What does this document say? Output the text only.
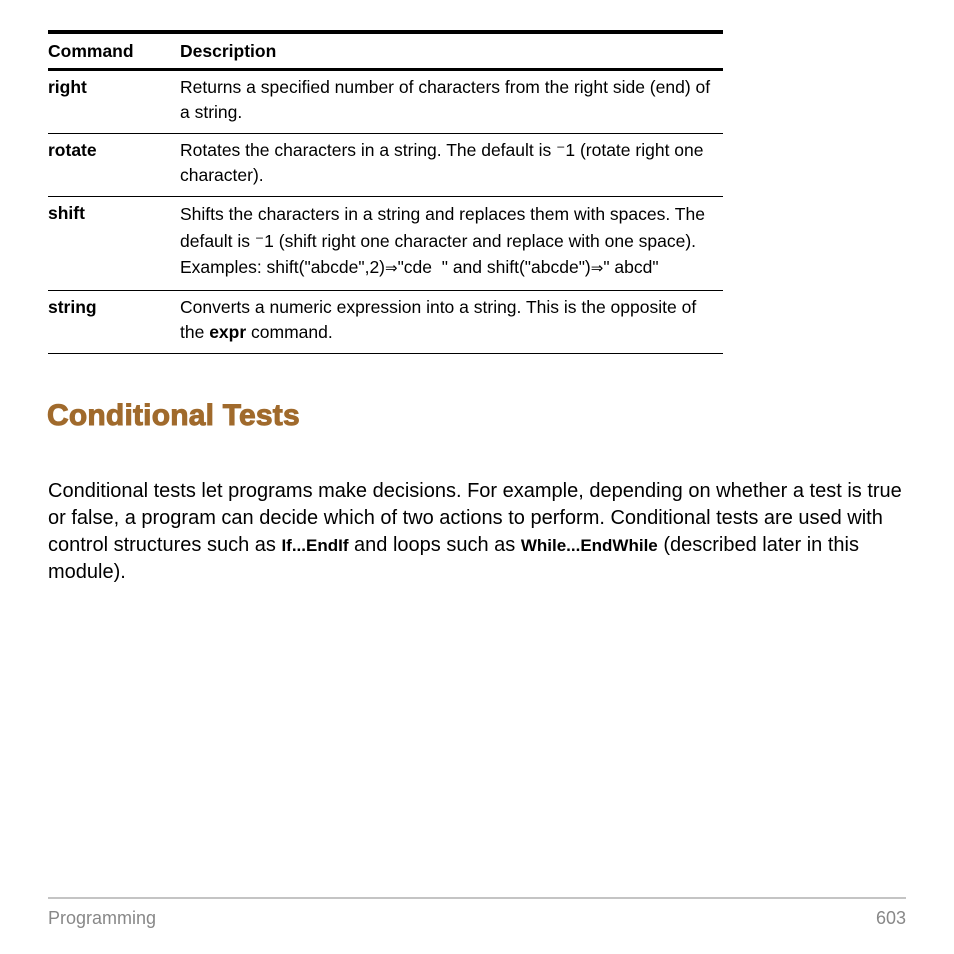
Command	Description
right	Returns a specified number of characters from the right side (end) of a string.
rotate	Rotates the characters in a string. The default is ⁻1 (rotate right one character).
shift	Shifts the characters in a string and replaces them with spaces. The default is ⁻1 (shift right one character and replace with one space). Examples: shift("abcde",2)⇒"cde  " and shift("abcde")⇒" abcd"
string	Converts a numeric expression into a string. This is the opposite of the expr command.
Conditional Tests

Conditional tests let programs make decisions. For example, depending on whether a test is true or false, a program can decide which of two actions to perform. Conditional tests are used with control structures such as If...EndIf and loops such as While...EndWhile (described later in this module).

Programming	603
